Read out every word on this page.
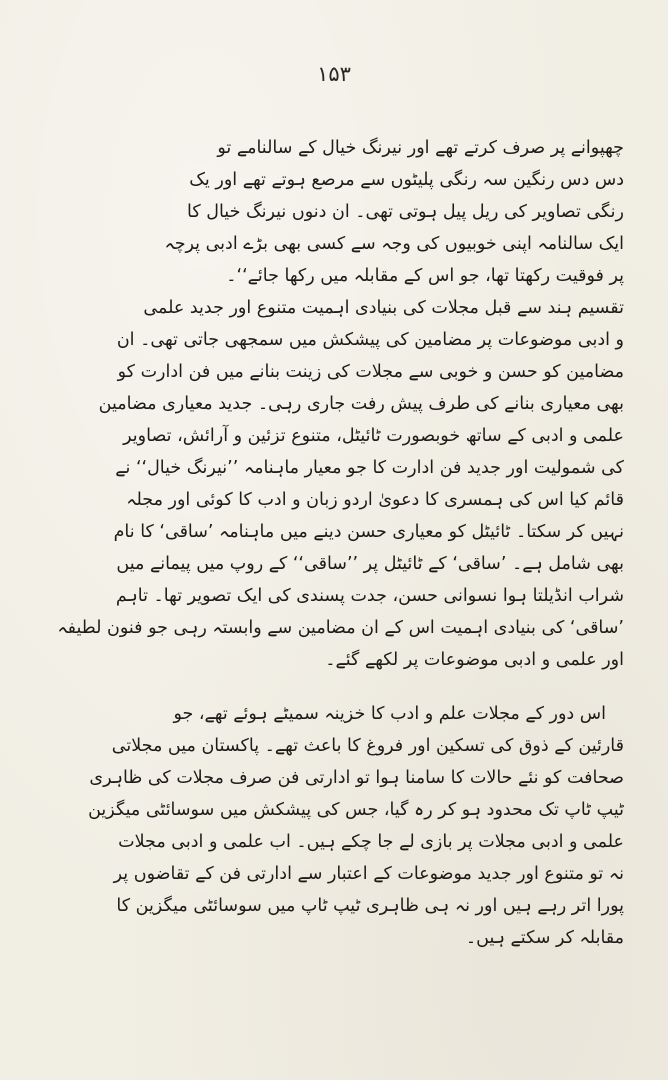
۱۵۳
چھپوانے پر صرف کرتے تھے اور نیرنگ خیال کے سالنامے تو
دس دس رنگین سہ رنگی پلیٹوں سے مرصع ہوتے تھے اور یک
رنگی تصاویر کی ریل پیل ہوتی تھی۔ ان دنوں نیرنگ خیال کا
ایک سالنامہ اپنی خوبیوں کی وجہ سے کسی بھی بڑے ادبی پرچہ
پر فوقیت رکھتا تھا، جو اس کے مقابلہ میں رکھا جائے‘‘۔
تقسیم ہند سے قبل مجلات کی بنیادی اہمیت متنوع اور جدید علمی
و ادبی موضوعات پر مضامین کی پیشکش میں سمجھی جاتی تھی۔ ان
مضامین کو حسن و خوبی سے مجلات کی زینت بنانے میں فن ادارت کو
بھی معیاری بنانے کی طرف پیش رفت جاری رہی۔ جدید معیاری مضامین
علمی و ادبی کے ساتھ خوبصورت ٹائیٹل، متنوع تزئین و آرائش، تصاویر
کی شمولیت اور جدید فن ادارت کا جو معیار ماہنامہ ’’نیرنگ خیال‘‘ نے
قائم کیا اس کی ہمسری کا دعویٰ اردو زبان و ادب کا کوئی اور مجلہ
نہیں کر سکتا۔ ٹائیٹل کو معیاری حسن دینے میں ماہنامہ ’ساقی‘ کا نام
بھی شامل ہے۔ ’ساقی‘ کے ٹائیٹل پر ’’ساقی‘‘ کے روپ میں پیمانے میں
شراب انڈیلتا ہوا نسوانی حسن، جدت پسندی کی ایک تصویر تھا۔ تاہم
’ساقی‘ کی بنیادی اہمیت اس کے ان مضامین سے وابستہ رہی جو فنون لطیفہ
اور علمی و ادبی موضوعات پر لکھے گئے۔
اس دور کے مجلات علم و ادب کا خزینہ سمیٹے ہوئے تھے، جو
قارئین کے ذوق کی تسکین اور فروغ کا باعث تھے۔ پاکستان میں مجلاتی
صحافت کو نئے حالات کا سامنا ہوا تو ادارتی فن صرف مجلات کی ظاہری
ٹیپ ٹاپ تک محدود ہو کر رہ گیا، جس کی پیشکش میں سوسائٹی میگزین
علمی و ادبی مجلات پر بازی لے جا چکے ہیں۔ اب علمی و ادبی مجلات
نہ تو متنوع اور جدید موضوعات کے اعتبار سے ادارتی فن کے تقاضوں پر
پورا اتر رہے ہیں اور نہ ہی ظاہری ٹیپ ٹاپ میں سوسائٹی میگزین کا
مقابلہ کر سکتے ہیں۔
